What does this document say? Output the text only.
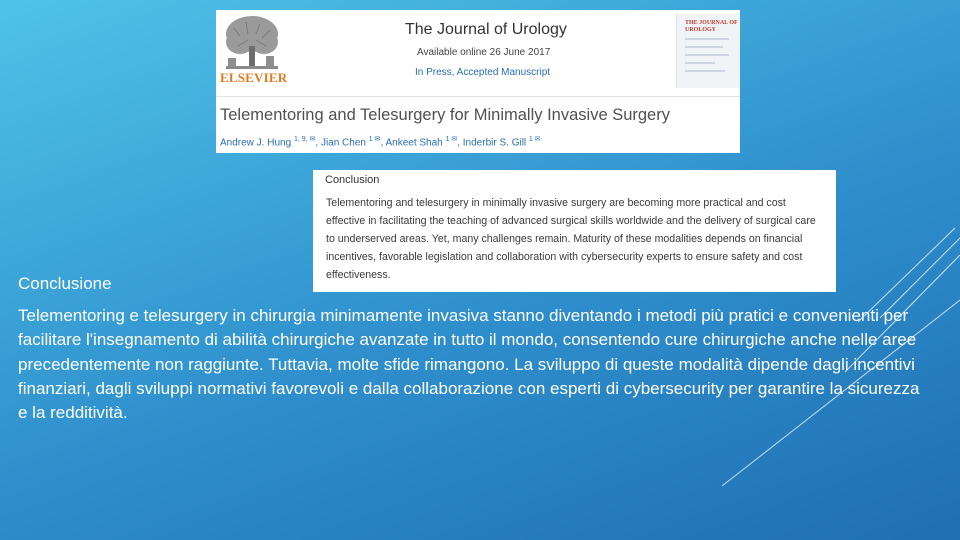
ELSEVIER
The Journal of Urology
Available online 26 June 2017
In Press, Accepted Manuscript
THE JOURNAL OF UROLOGY
Telementoring and Telesurgery for Minimally Invasive Surgery
Andrew J. Hung $^{1, 9, ✉}$, Jian Chen $^{1 ✉}$, Ankeet Shah $^{1 ✉}$, Inderbir S. Gill $^{1 ✉}$
Conclusion
Telementoring and telesurgery in minimally invasive surgery are becoming more practical and cost effective in facilitating the teaching of advanced surgical skills worldwide and the delivery of surgical care to underserved areas. Yet, many challenges remain. Maturity of these modalities depends on financial incentives, favorable legislation and collaboration with cybersecurity experts to ensure safety and cost effectiveness.
Conclusione

Telementoring e telesurgery in chirurgia minimamente invasiva stanno diventando i metodi più pratici e convenienti per facilitare l'insegnamento di abilità chirurgiche avanzate in tutto il mondo, consentendo cure chirurgiche anche nelle aree precedentemente non raggiunte. Tuttavia, molte sfide rimangono. La sviluppo di queste modalità dipende dagli incentivi finanziari, dagli sviluppi normativi favorevoli e dalla collaborazione con esperti di cybersecurity per garantire la sicurezza e la redditività.
